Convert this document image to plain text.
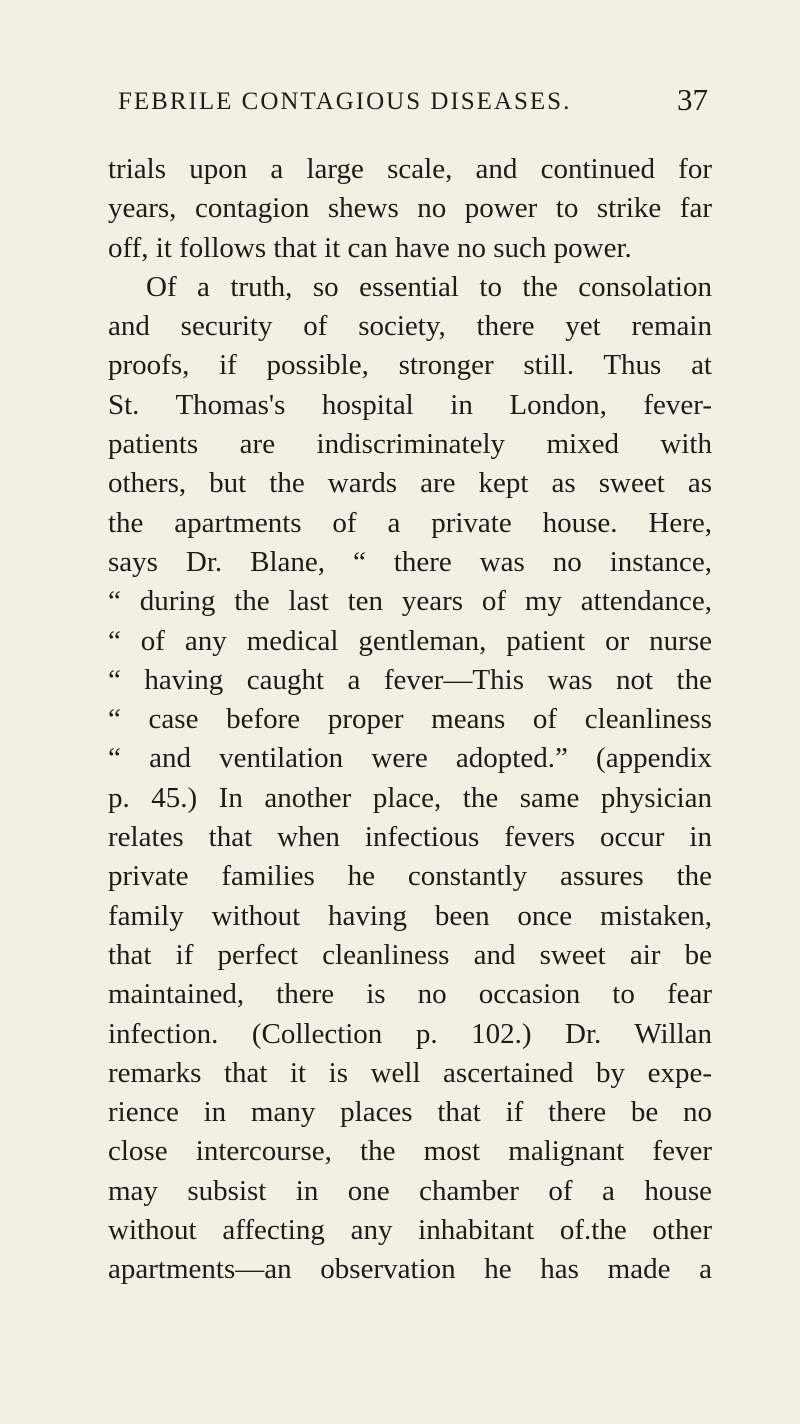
FEBRILE CONTAGIOUS DISEASES.	37
trials upon a large scale, and continued for
years, contagion shews no power to strike far
off, it follows that it can have no such power.
Of a truth, so essential to the consolation
and security of society, there yet remain
proofs, if possible, stronger still. Thus at
St. Thomas's hospital in London, fever-
patients are indiscriminately mixed with
others, but the wards are kept as sweet as
the apartments of a private house. Here,
says Dr. Blane, “ there was no instance,
“ during the last ten years of my attendance,
“ of any medical gentleman, patient or nurse
“ having caught a fever—This was not the
“ case before proper means of cleanliness
“ and ventilation were adopted.” (appendix
p. 45.) In another place, the same physician
relates that when infectious fevers occur in
private families he constantly assures the
family without having been once mistaken,
that if perfect cleanliness and sweet air be
maintained, there is no occasion to fear
infection. (Collection p. 102.) Dr. Willan
remarks that it is well ascertained by expe-
rience in many places that if there be no
close intercourse, the most malignant fever
may subsist in one chamber of a house
without affecting any inhabitant of.the other
apartments—an observation he has made a
